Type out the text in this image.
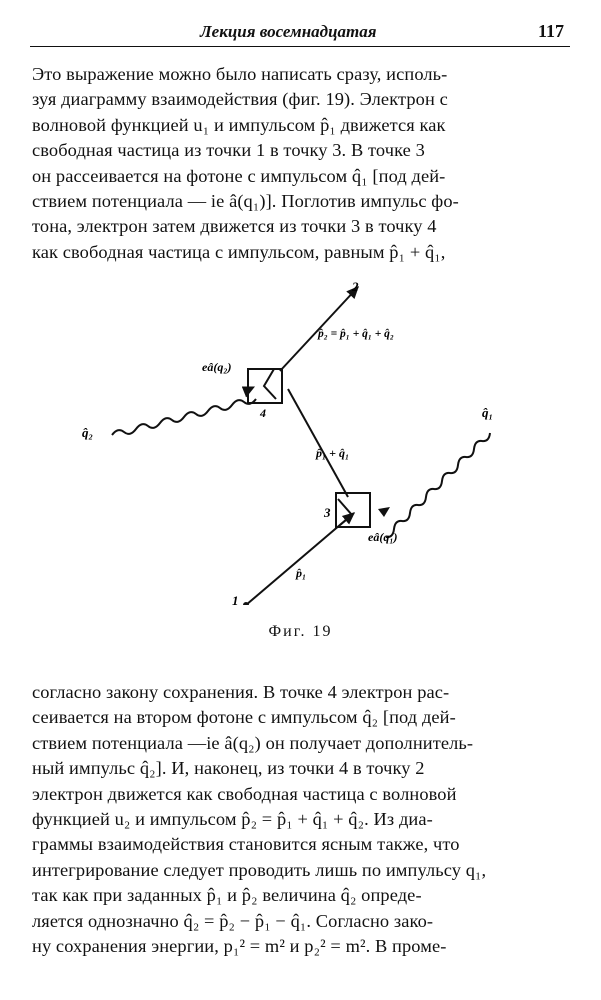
Лекция восемнадцатая	117
Это выражение можно было написать сразу, исполь-
зуя диаграмму взаимодействия (фиг. 19). Электрон с
волновой функцией u₁ и импульсом p̂₁ движется как
свободная частица из точки 1 в точку 3. В точке 3
он рассеивается на фотоне с импульсом q̂₁ [под дей-
ствием потенциала — ie â(q₁)]. Поглотив импульс фо-
тона, электрон затем движется из точки 3 в точку 4
как свободная частица с импульсом, равным p̂₁ + q̂₁,
1
2
3
4
eâ(q₂)
eâ(q₁)
q̂₂
q̂₁
p̂₁
p̂₁ + q̂₁
p̂₂ = p̂₁ + q̂₁ + q̂₂
Фиг. 19
согласно закону сохранения. В точке 4 электрон рас-
сеивается на втором фотоне с импульсом q̂₂ [под дей-
ствием потенциала —ie â(q₂) он получает дополнитель-
ный импульс q̂₂]. И, наконец, из точки 4 в точку 2
электрон движется как свободная частица с волновой
функцией u₂ и импульсом p̂₂ = p̂₁ + q̂₁ + q̂₂. Из диа-
граммы взаимодействия становится ясным также, что
интегрирование следует проводить лишь по импульсу q₁,
так как при заданных p̂₁ и p̂₂ величина q̂₂ опреде-
ляется однозначно q̂₂ = p̂₂ − p̂₁ − q̂₁. Согласно зако-
ну сохранения энергии, p₁² = m² и p₂² = m². В проме-
